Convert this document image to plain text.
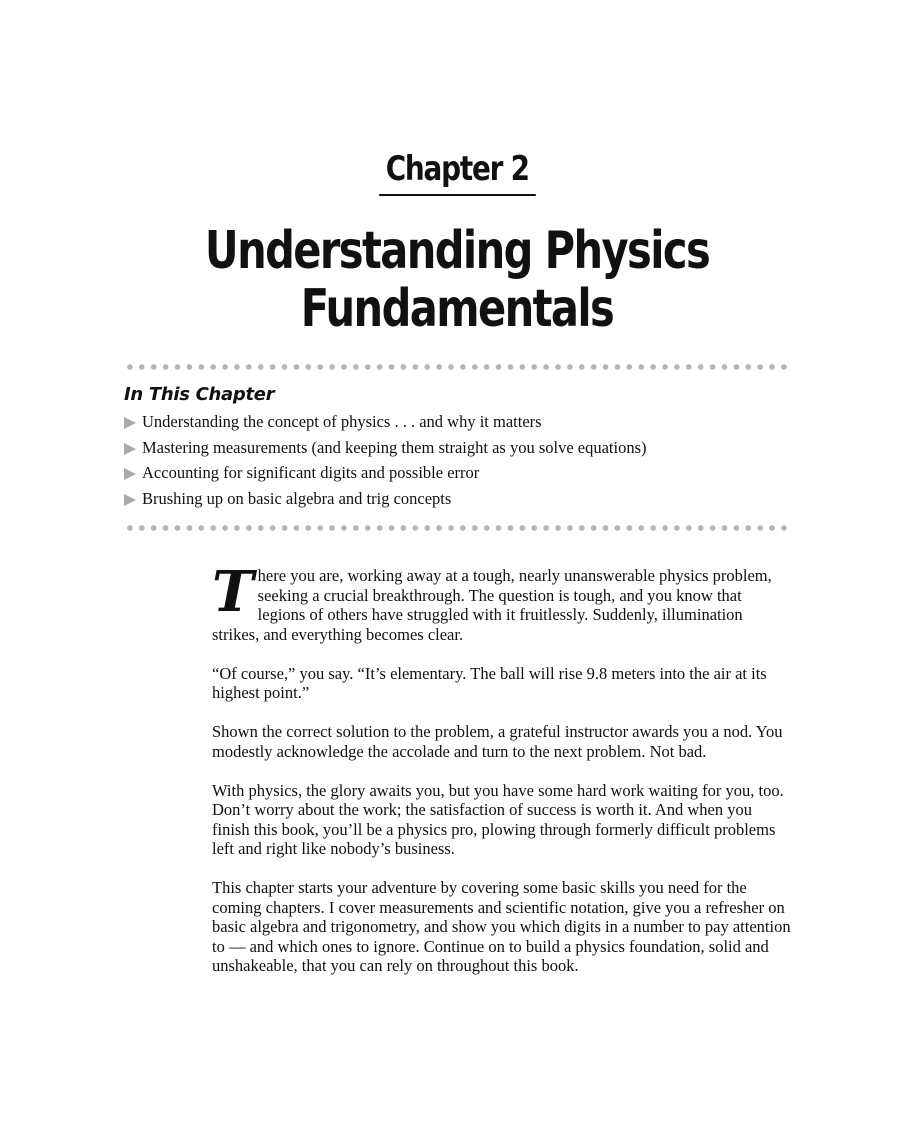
Chapter 2
Understanding Physics
Fundamentals
In This Chapter
Understanding the concept of physics . . . and why it matters
Mastering measurements (and keeping them straight as you solve equations)
Accounting for significant digits and possible error
Brushing up on basic algebra and trig concepts

There you are, working away at a tough, nearly unanswerable physics problem, seeking a crucial breakthrough. The question is tough, and you know that legions of others have struggled with it fruitlessly. Suddenly, illumination strikes, and everything becomes clear.

“Of course,” you say. “It’s elementary. The ball will rise 9.8 meters into the air at its highest point.”

Shown the correct solution to the problem, a grateful instructor awards you a nod. You modestly acknowledge the accolade and turn to the next problem. Not bad.

With physics, the glory awaits you, but you have some hard work waiting for you, too. Don’t worry about the work; the satisfaction of success is worth it. And when you finish this book, you’ll be a physics pro, plowing through formerly difficult problems left and right like nobody’s business.

This chapter starts your adventure by covering some basic skills you need for the coming chapters. I cover measurements and scientific notation, give you a refresher on basic algebra and trigonometry, and show you which digits in a number to pay attention to — and which ones to ignore. Continue on to build a physics foundation, solid and unshakeable, that you can rely on throughout this book.
